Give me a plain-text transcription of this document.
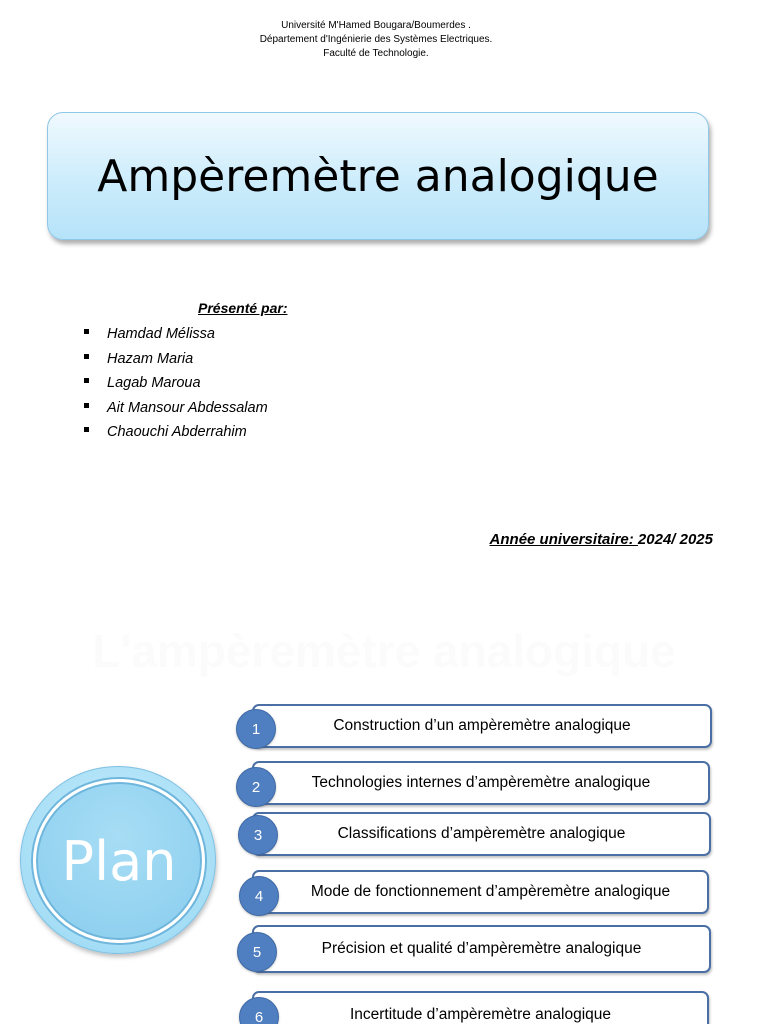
Université M'Hamed Bougara/Boumerdes .
Département d'Ingénierie des Systèmes Electriques.
Faculté de Technologie.
Ampèremètre analogique
Présenté par:
Hamdad Mélissa
Hazam Maria
Lagab Maroua
Ait Mansour Abdessalam
Chaouchi Abderrahim
Année universitaire: 2024/ 2025
L'ampèremètre analogique
Plan
Construction d’un ampèremètre analogique
1
Technologies internes d’ampèremètre analogique
2
Classifications d’ampèremètre analogique
3
Mode de fonctionnement d’ampèremètre analogique
4
Précision et qualité d’ampèremètre analogique
5
Incertitude d’ampèremètre analogique
6
